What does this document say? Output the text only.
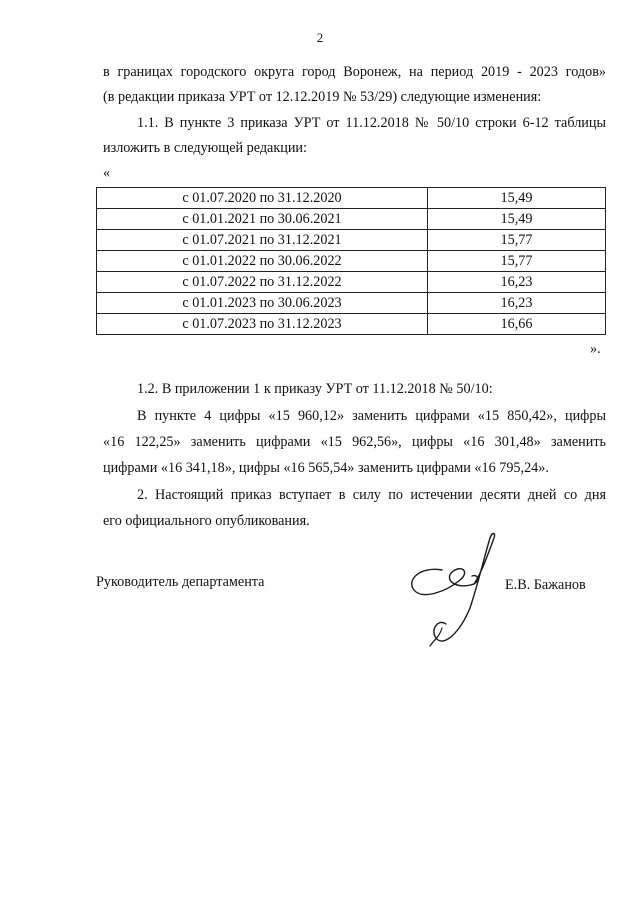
2
в границах городского округа город Воронеж, на период 2019 - 2023 годов»
(в редакции приказа УРТ от 12.12.2019 № 53/29) следующие изменения:
1.1. В пункте 3 приказа УРТ от 11.12.2018 № 50/10 строки 6-12 таблицы
изложить в следующей редакции:
«
с 01.07.2020 по 31.12.2020	15,49
с 01.01.2021 по 30.06.2021	15,49
с 01.07.2021 по 31.12.2021	15,77
с 01.01.2022 по 30.06.2022	15,77
с 01.07.2022 по 31.12.2022	16,23
с 01.01.2023 по 30.06.2023	16,23
с 01.07.2023 по 31.12.2023	16,66
».
1.2. В приложении 1 к приказу УРТ от 11.12.2018 № 50/10:
В пункте 4 цифры «15 960,12» заменить цифрами «15 850,42», цифры
«16 122,25» заменить цифрами «15 962,56», цифры «16 301,48» заменить
цифрами «16 341,18», цифры «16 565,54» заменить цифрами «16 795,24».
2. Настоящий приказ вступает в силу по истечении десяти дней со дня
его официального опубликования.
Руководитель департамента	Е.В. Бажанов
